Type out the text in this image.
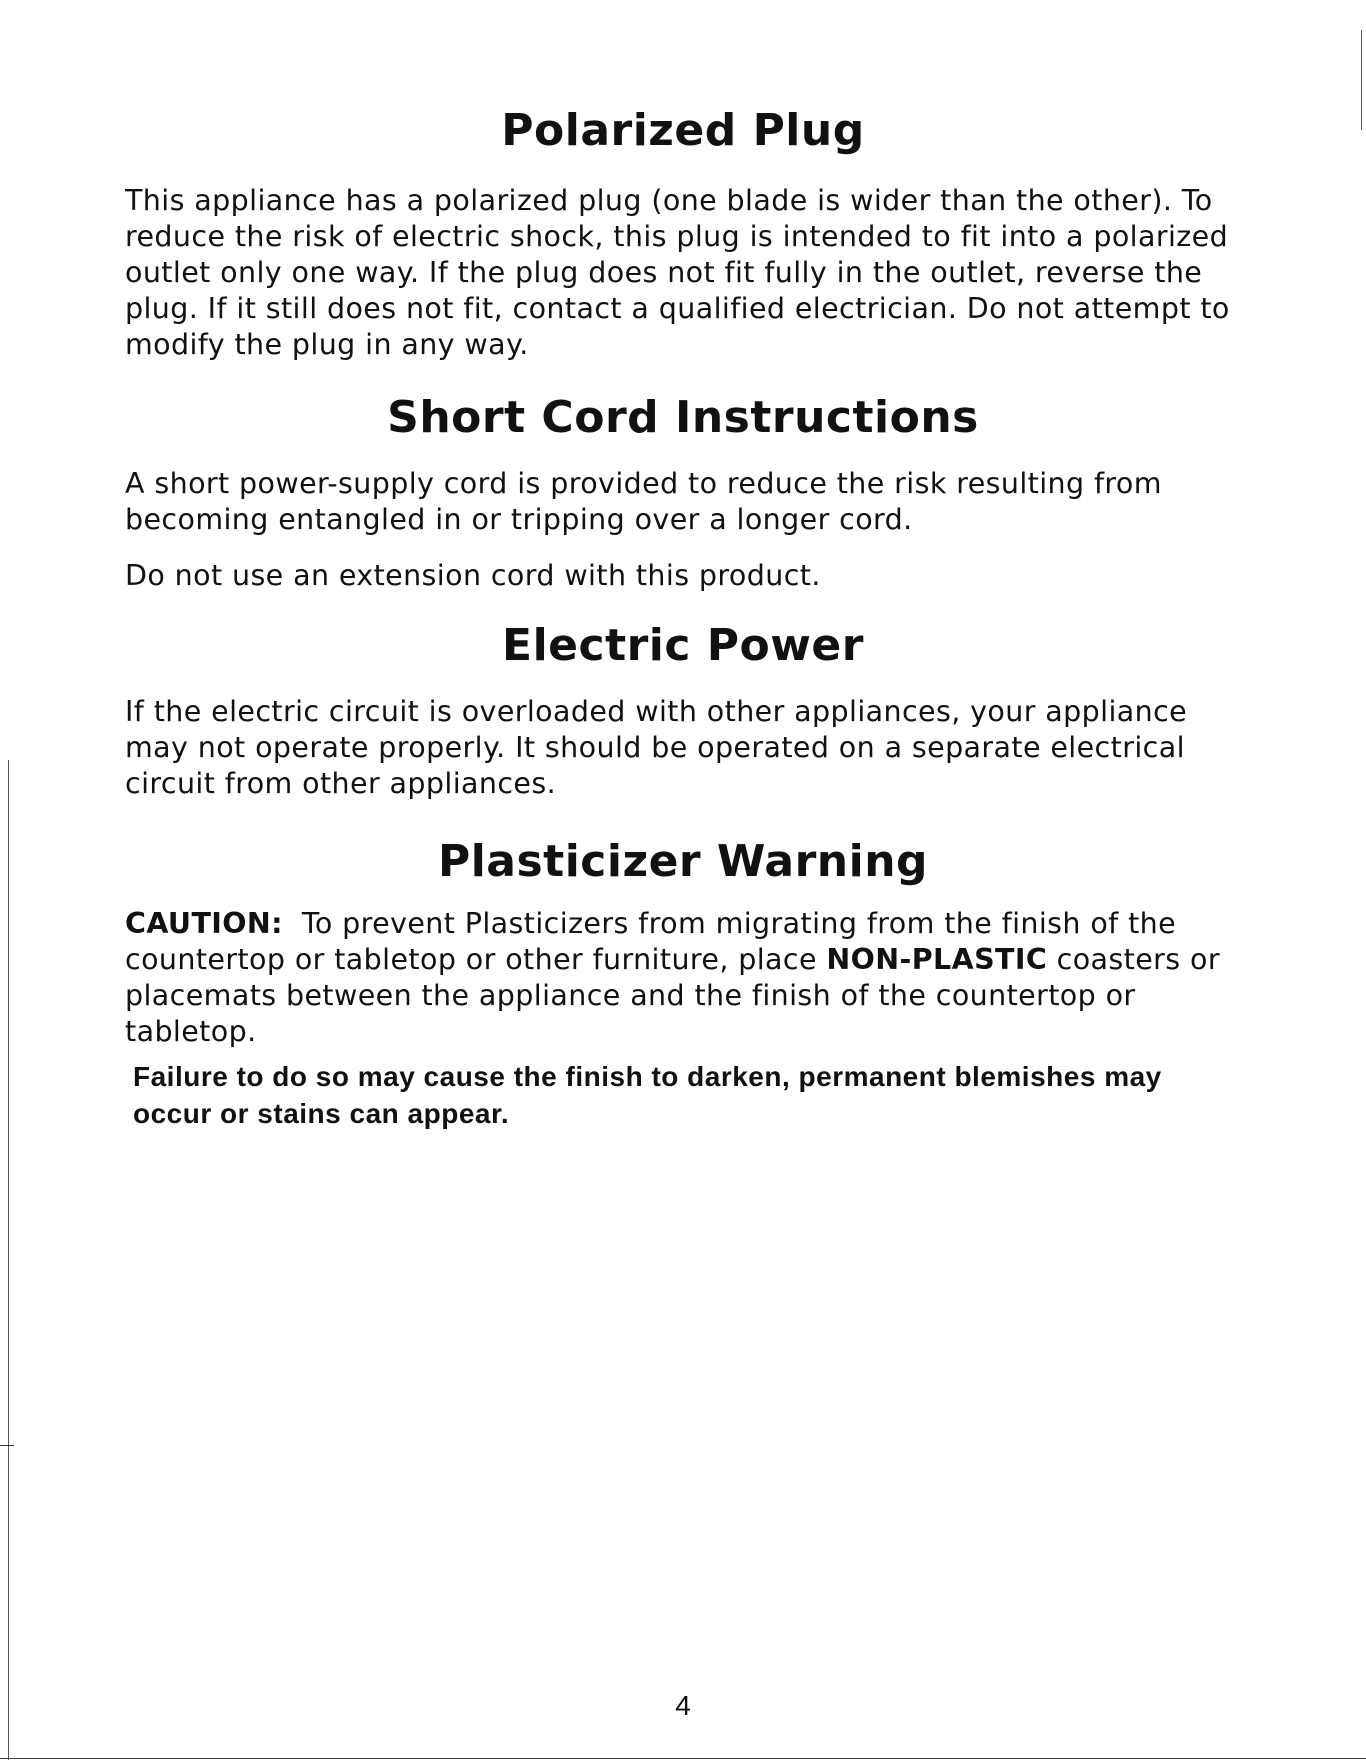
Polarized Plug

This appliance has a polarized plug (one blade is wider than the other). To reduce the risk of electric shock, this plug is intended to fit into a polarized outlet only one way. If the plug does not fit fully in the outlet, reverse the plug. If it still does not fit, contact a qualified electrician. Do not attempt to modify the plug in any way.

Short Cord Instructions

A short power-supply cord is provided to reduce the risk resulting from becoming entangled in or tripping over a longer cord.

Do not use an extension cord with this product.

Electric Power

If the electric circuit is overloaded with other appliances, your appliance may not operate properly. It should be operated on a separate electrical circuit from other appliances.

Plasticizer Warning

CAUTION: To prevent Plasticizers from migrating from the finish of the countertop or tabletop or other furniture, place NON-PLASTIC coasters or placemats between the appliance and the finish of the countertop or tabletop.

Failure to do so may cause the finish to darken, permanent blemishes may occur or stains can appear.

4
